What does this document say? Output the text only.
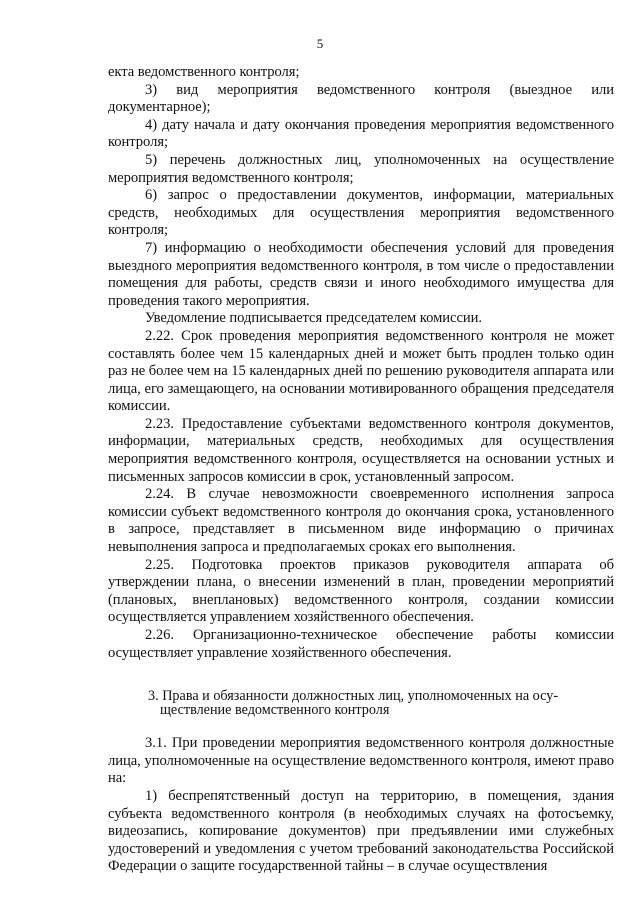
5

екта ведомственного контроля;

3) вид мероприятия ведомственного контроля (выездное или документарное);

4) дату начала и дату окончания проведения мероприятия ведомственного контроля;

5) перечень должностных лиц, уполномоченных на осуществление мероприятия ведомственного контроля;

6) запрос о предоставлении документов, информации, материальных средств, необходимых для осуществления мероприятия ведомственного контроля;

7) информацию о необходимости обеспечения условий для проведения выездного мероприятия ведомственного контроля, в том числе о предоставлении помещения для работы, средств связи и иного необходимого имущества для проведения такого мероприятия.

Уведомление подписывается председателем комиссии.

2.22. Срок проведения мероприятия ведомственного контроля не может составлять более чем 15 календарных дней и может быть продлен только один раз не более чем на 15 календарных дней по решению руководителя аппарата или лица, его замещающего, на основании мотивированного обращения председателя комиссии.

2.23. Предоставление субъектами ведомственного контроля документов, информации, материальных средств, необходимых для осуществления мероприятия ведомственного контроля, осуществляется на основании устных и письменных запросов комиссии в срок, установленный запросом.

2.24. В случае невозможности своевременного исполнения запроса комиссии субъект ведомственного контроля до окончания срока, установленного в запросе, представляет в письменном виде информацию о причинах невыполнения запроса и предполагаемых сроках его выполнения.

2.25. Подготовка проектов приказов руководителя аппарата об утверждении плана, о внесении изменений в план, проведении мероприятий (плановых, внеплановых) ведомственного контроля, создании комиссии осуществляется управлением хозяйственного обеспечения.

2.26. Организационно-техническое обеспечение работы комиссии осуществляет управление хозяйственного обеспечения.

3. Права и обязанности должностных лиц, уполномоченных на осу-
ществление ведомственного контроля

3.1. При проведении мероприятия ведомственного контроля должностные лица, уполномоченные на осуществление ведомственного контроля, имеют право на:

1) беспрепятственный доступ на территорию, в помещения, здания субъекта ведомственного контроля (в необходимых случаях на фотосъемку, видеозапись, копирование документов) при предъявлении ими служебных удостоверений и уведомления с учетом требований законодательства Российской Федерации о защите государственной тайны – в случае осуществления
